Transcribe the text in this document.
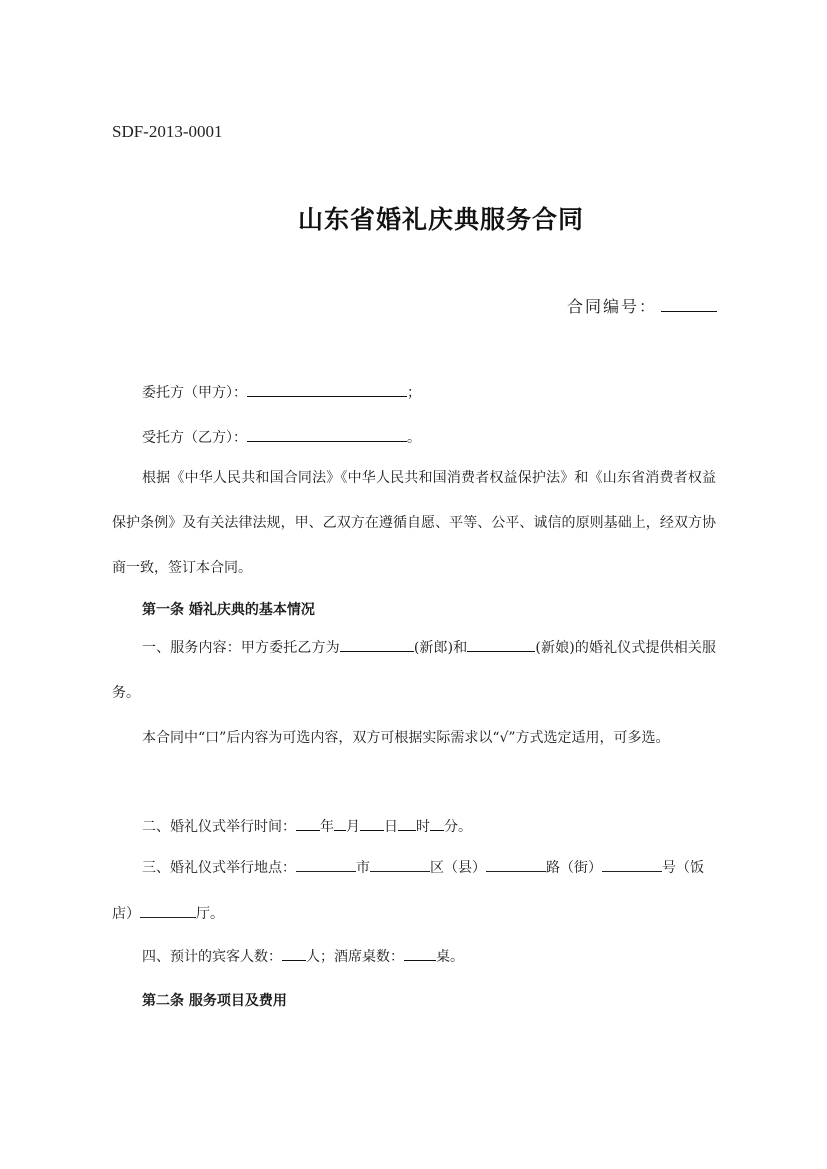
SDF-2013-0001
山东省婚礼庆典服务合同
合同编号：
委托方（甲方）：	；
受托方（乙方）：	。
根据《中华人民共和国合同法》《中华人民共和国消费者权益保护法》和《山东省消费者权益保护条例》及有关法律法规，甲、乙双方在遵循自愿、平等、公平、诚信的原则基础上，经双方协商一致，签订本合同。
第一条 婚礼庆典的基本情况
一、服务内容：甲方委托乙方为	(新郎)和	(新娘)的婚礼仪式提供相关服务。
本合同中“口”后内容为可选内容，双方可根据实际需求以“√”方式选定适用，可多选。
二、婚礼仪式举行时间： 年 月 日 时 分。
三、婚礼仪式举行地点：	市	区（县）	路（街）	号（饭
店）	厅。
四、预计的宾客人数： 人；酒席桌数： 桌。
第二条 服务项目及费用
